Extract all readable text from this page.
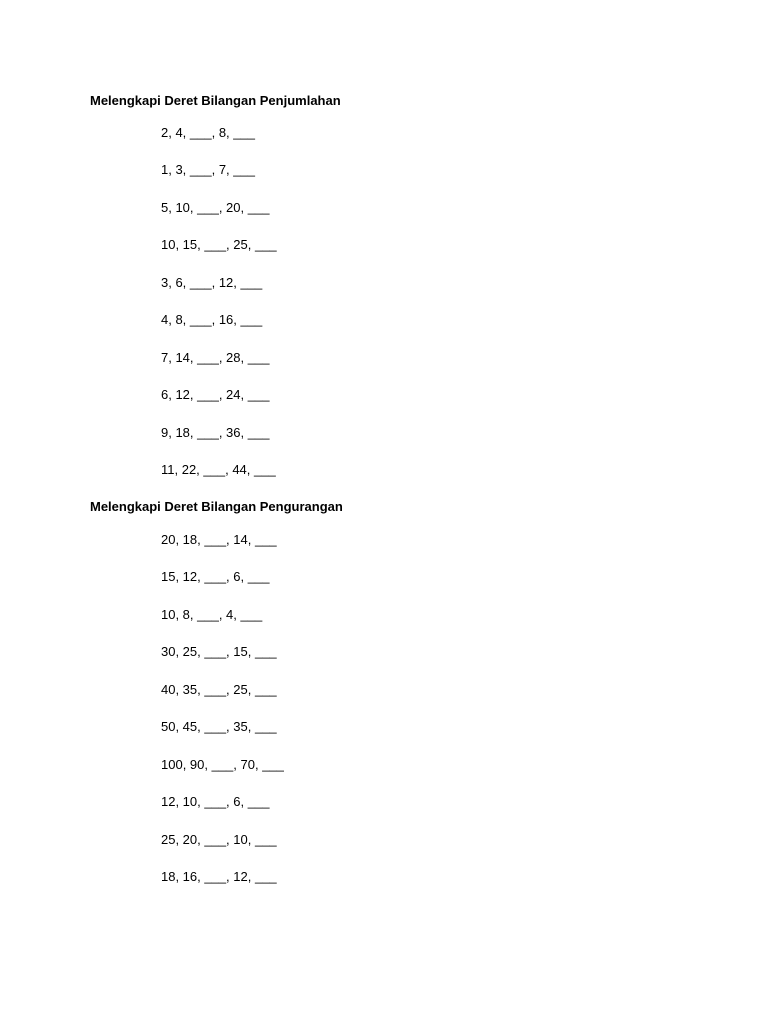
Melengkapi Deret Bilangan Penjumlahan
2, 4, ___, 8, ___
1, 3, ___, 7, ___
5, 10, ___, 20, ___
10, 15, ___, 25, ___
3, 6, ___, 12, ___
4, 8, ___, 16, ___
7, 14, ___, 28, ___
6, 12, ___, 24, ___
9, 18, ___, 36, ___
11, 22, ___, 44, ___
Melengkapi Deret Bilangan Pengurangan
20, 18, ___, 14, ___
15, 12, ___, 6, ___
10, 8, ___, 4, ___
30, 25, ___, 15, ___
40, 35, ___, 25, ___
50, 45, ___, 35, ___
100, 90, ___, 70, ___
12, 10, ___, 6, ___
25, 20, ___, 10, ___
18, 16, ___, 12, ___
